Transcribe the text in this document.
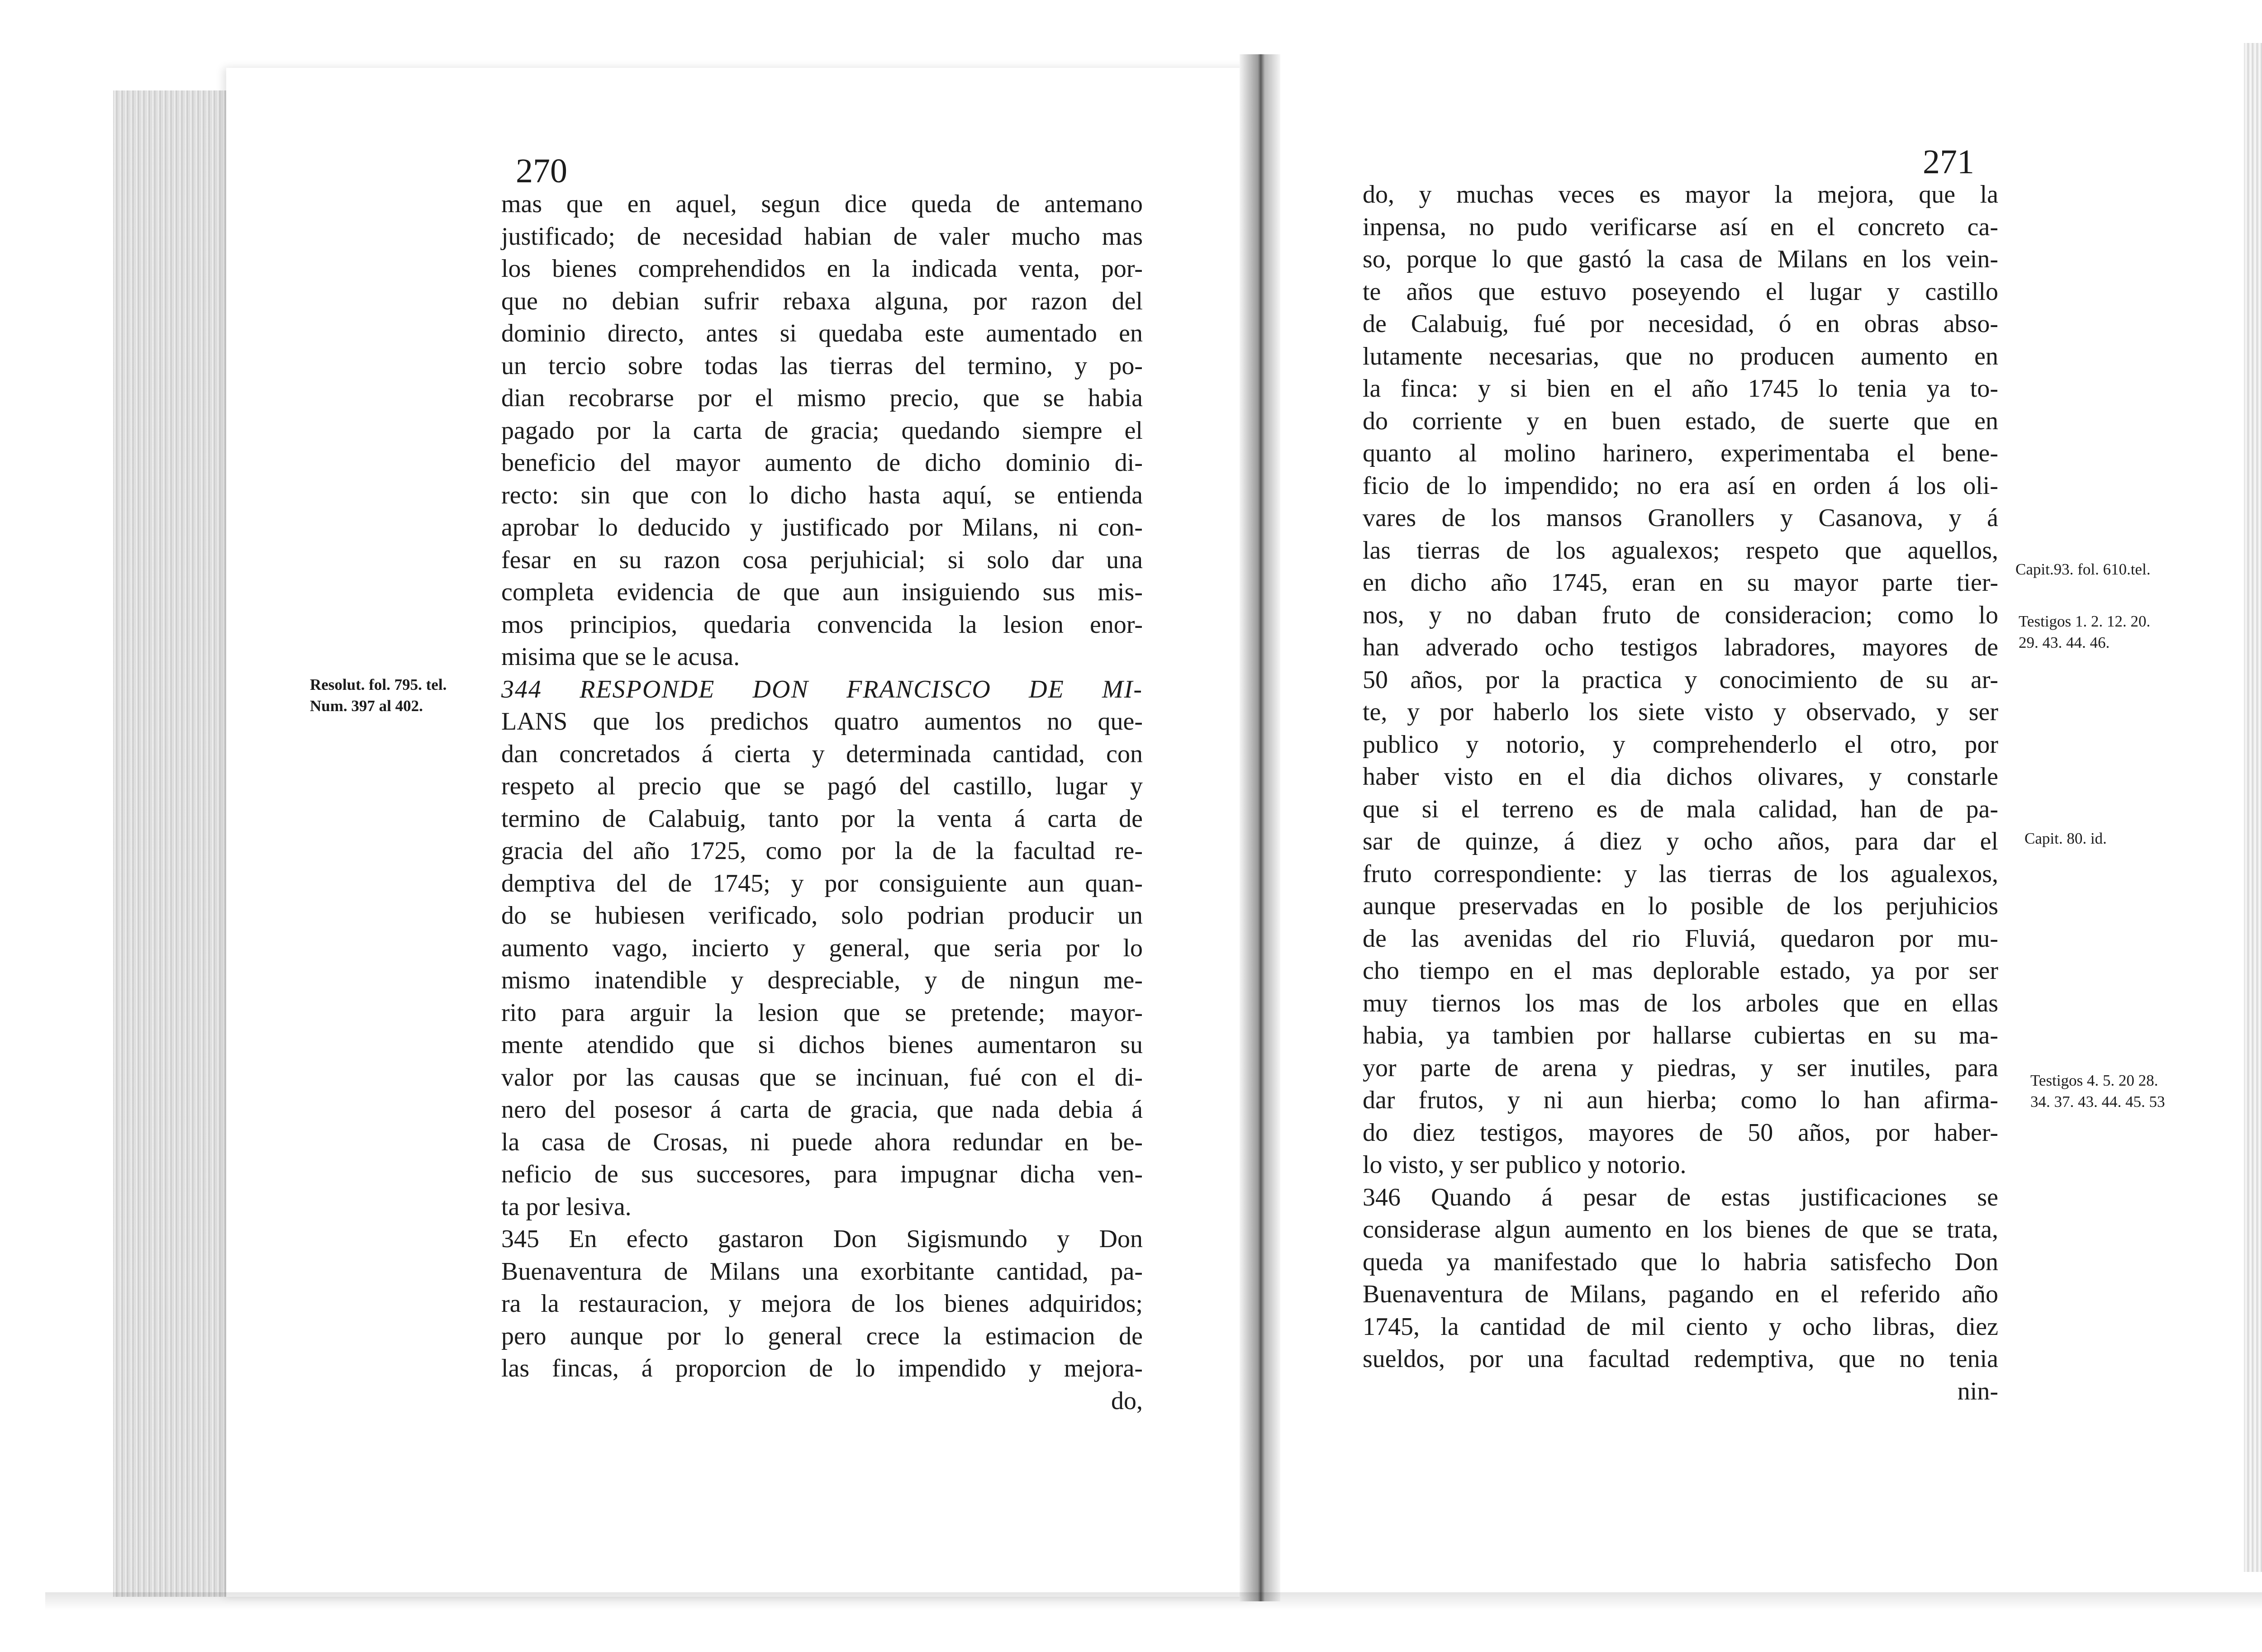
270	271
mas que en aquel, segun dice queda de antemano
justificado; de necesidad habian de valer mucho mas
los bienes comprehendidos en la indicada venta, por-
que no debian sufrir rebaxa alguna, por razon del
dominio directo, antes si quedaba este aumentado en
un tercio sobre todas las tierras del termino, y po-
dian recobrarse por el mismo precio, que se habia
pagado por la carta de gracia; quedando siempre el
beneficio del mayor aumento de dicho dominio di-
recto: sin que con lo dicho hasta aquí, se entienda
aprobar lo deducido y justificado por Milans, ni con-
fesar en su razon cosa perjuhicial; si solo dar una
completa evidencia de que aun insiguiendo sus mis-
mos principios, quedaria convencida la lesion enor-
misima que se le acusa.
344 RESPONDE DON FRANCISCO DE MI-
LANS que los predichos quatro aumentos no que-
dan concretados á cierta y determinada cantidad, con
respeto al precio que se pagó del castillo, lugar y
termino de Calabuig, tanto por la venta á carta de
gracia del año 1725, como por la de la facultad re-
demptiva del de 1745; y por consiguiente aun quan-
do se hubiesen verificado, solo podrian producir un
aumento vago, incierto y general, que seria por lo
mismo inatendible y despreciable, y de ningun me-
rito para arguir la lesion que se pretende; mayor-
mente atendido que si dichos bienes aumentaron su
valor por las causas que se incinuan, fué con el di-
nero del posesor á carta de gracia, que nada debia á
la casa de Crosas, ni puede ahora redundar en be-
neficio de sus succesores, para impugnar dicha ven-
ta por lesiva.
345 En efecto gastaron Don Sigismundo y Don
Buenaventura de Milans una exorbitante cantidad, pa-
ra la restauracion, y mejora de los bienes adquiridos;
pero aunque por lo general crece la estimacion de
las fincas, á proporcion de lo impendido y mejora-
do,
Resolut. fol. 795. tel.
Num. 397 al 402.
do, y muchas veces es mayor la mejora, que la
inpensa, no pudo verificarse así en el concreto ca-
so, porque lo que gastó la casa de Milans en los vein-
te años que estuvo poseyendo el lugar y castillo
de Calabuig, fué por necesidad, ó en obras abso-
lutamente necesarias, que no producen aumento en
la finca: y si bien en el año 1745 lo tenia ya to-
do corriente y en buen estado, de suerte que en
quanto al molino harinero, experimentaba el bene-
ficio de lo impendido; no era así en orden á los oli-
vares de los mansos Granollers y Casanova, y á
las tierras de los agualexos; respeto que aquellos,
en dicho año 1745, eran en su mayor parte tier-
nos, y no daban fruto de consideracion; como lo
han adverado ocho testigos labradores, mayores de
50 años, por la practica y conocimiento de su ar-
te, y por haberlo los siete visto y observado, y ser
publico y notorio, y comprehenderlo el otro, por
haber visto en el dia dichos olivares, y constarle
que si el terreno es de mala calidad, han de pa-
sar de quinze, á diez y ocho años, para dar el
fruto correspondiente: y las tierras de los agualexos,
aunque preservadas en lo posible de los perjuhicios
de las avenidas del rio Fluviá, quedaron por mu-
cho tiempo en el mas deplorable estado, ya por ser
muy tiernos los mas de los arboles que en ellas
habia, ya tambien por hallarse cubiertas en su ma-
yor parte de arena y piedras, y ser inutiles, para
dar frutos, y ni aun hierba; como lo han afirma-
do diez testigos, mayores de 50 años, por haber-
lo visto, y ser publico y notorio.
346 Quando á pesar de estas justificaciones se
considerase algun aumento en los bienes de que se trata,
queda ya manifestado que lo habria satisfecho Don
Buenaventura de Milans, pagando en el referido año
1745, la cantidad de mil ciento y ocho libras, diez
sueldos, por una facultad redemptiva, que no tenia
nin-
Capit.93. fol. 610.tel.
Testigos 1. 2. 12. 20.
29. 43. 44. 46.
Capit. 80. id.
Testigos 4. 5. 20 28.
34. 37. 43. 44. 45. 53
